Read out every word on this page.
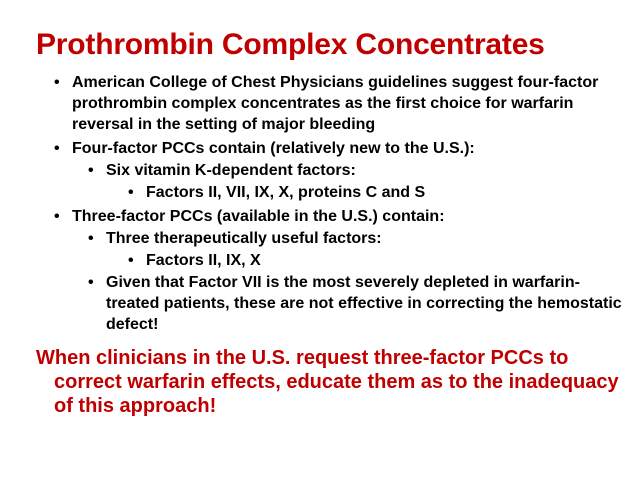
Prothrombin Complex Concentrates
• American College of Chest Physicians guidelines suggest four-factor prothrombin complex concentrates as the first choice for warfarin reversal in the setting of major bleeding
• Four-factor PCCs contain (relatively new to the U.S.):
• Six vitamin K-dependent factors:
• Factors II, VII, IX, X, proteins C and S
• Three-factor PCCs (available in the U.S.) contain:
• Three therapeutically useful factors:
• Factors II, IX, X
• Given that Factor VII is the most severely depleted in warfarin-treated patients, these are not effective in correcting the hemostatic defect!
When clinicians in the U.S. request three-factor PCCs to correct warfarin effects, educate them as to the inadequacy of this approach!
